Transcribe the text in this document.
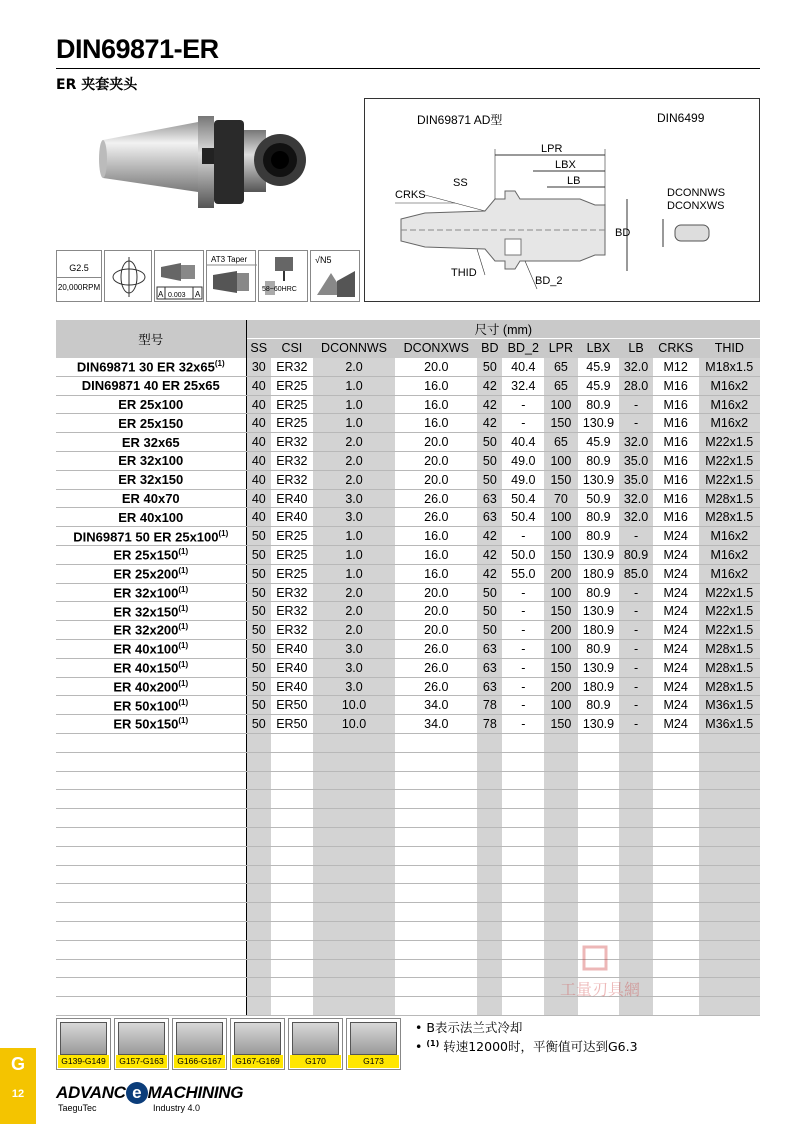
DIN69871-ER
ER 夹套夹头
G2.5
20,000RPM
A 0.003 A
AT3 Taper
58~60HRC
√N5
DIN69871 AD型	DIN6499
LPR
LBX
LB
SS
CRKS
BD
THID
BD_2
DCONNWS
DCONXWS
型号	尺寸 (mm)										
	SS	CSI	DCONNWS	DCONXWS	BD	BD_2	LPR	LBX	LB	CRKS	THID
DIN69871 30 ER 32x65$^{(1)}$	30	ER32	2.0	20.0	50	40.4	65	45.9	32.0	M12	M18x1.5
DIN69871 40 ER 25x65	40	ER25	1.0	16.0	42	32.4	65	45.9	28.0	M16	M16x2
ER 25x100	40	ER25	1.0	16.0	42	-	100	80.9	-	M16	M16x2
ER 25x150	40	ER25	1.0	16.0	42	-	150	130.9	-	M16	M16x2
ER 32x65	40	ER32	2.0	20.0	50	40.4	65	45.9	32.0	M16	M22x1.5
ER 32x100	40	ER32	2.0	20.0	50	49.0	100	80.9	35.0	M16	M22x1.5
ER 32x150	40	ER32	2.0	20.0	50	49.0	150	130.9	35.0	M16	M22x1.5
ER 40x70	40	ER40	3.0	26.0	63	50.4	70	50.9	32.0	M16	M28x1.5
ER 40x100	40	ER40	3.0	26.0	63	50.4	100	80.9	32.0	M16	M28x1.5
DIN69871 50 ER 25x100$^{(1)}$	50	ER25	1.0	16.0	42	-	100	80.9	-	M24	M16x2
ER 25x150$^{(1)}$	50	ER25	1.0	16.0	42	50.0	150	130.9	80.9	M24	M16x2
ER 25x200$^{(1)}$	50	ER25	1.0	16.0	42	55.0	200	180.9	85.0	M24	M16x2
ER 32x100$^{(1)}$	50	ER32	2.0	20.0	50	-	100	80.9	-	M24	M22x1.5
ER 32x150$^{(1)}$	50	ER32	2.0	20.0	50	-	150	130.9	-	M24	M22x1.5
ER 32x200$^{(1)}$	50	ER32	2.0	20.0	50	-	200	180.9	-	M24	M22x1.5
ER 40x100$^{(1)}$	50	ER40	3.0	26.0	63	-	100	80.9	-	M24	M28x1.5
ER 40x150$^{(1)}$	50	ER40	3.0	26.0	63	-	150	130.9	-	M24	M28x1.5
ER 40x200$^{(1)}$	50	ER40	3.0	26.0	63	-	200	180.9	-	M24	M28x1.5
ER 50x100$^{(1)}$	50	ER50	10.0	34.0	78	-	100	80.9	-	M24	M36x1.5
ER 50x150$^{(1)}$	50	ER50	10.0	34.0	78	-	150	130.9	-	M24	M36x1.5

G139-G149	G157-G163	G166-G167	G167-G169	G170	G173
• B表示法兰式冷却
• $^{(1)}$ 转速12000时，平衡值可达到G6.3
工量刃具網
G
12	ADVANC e MACHINING
TaeguTec	Industry 4.0
